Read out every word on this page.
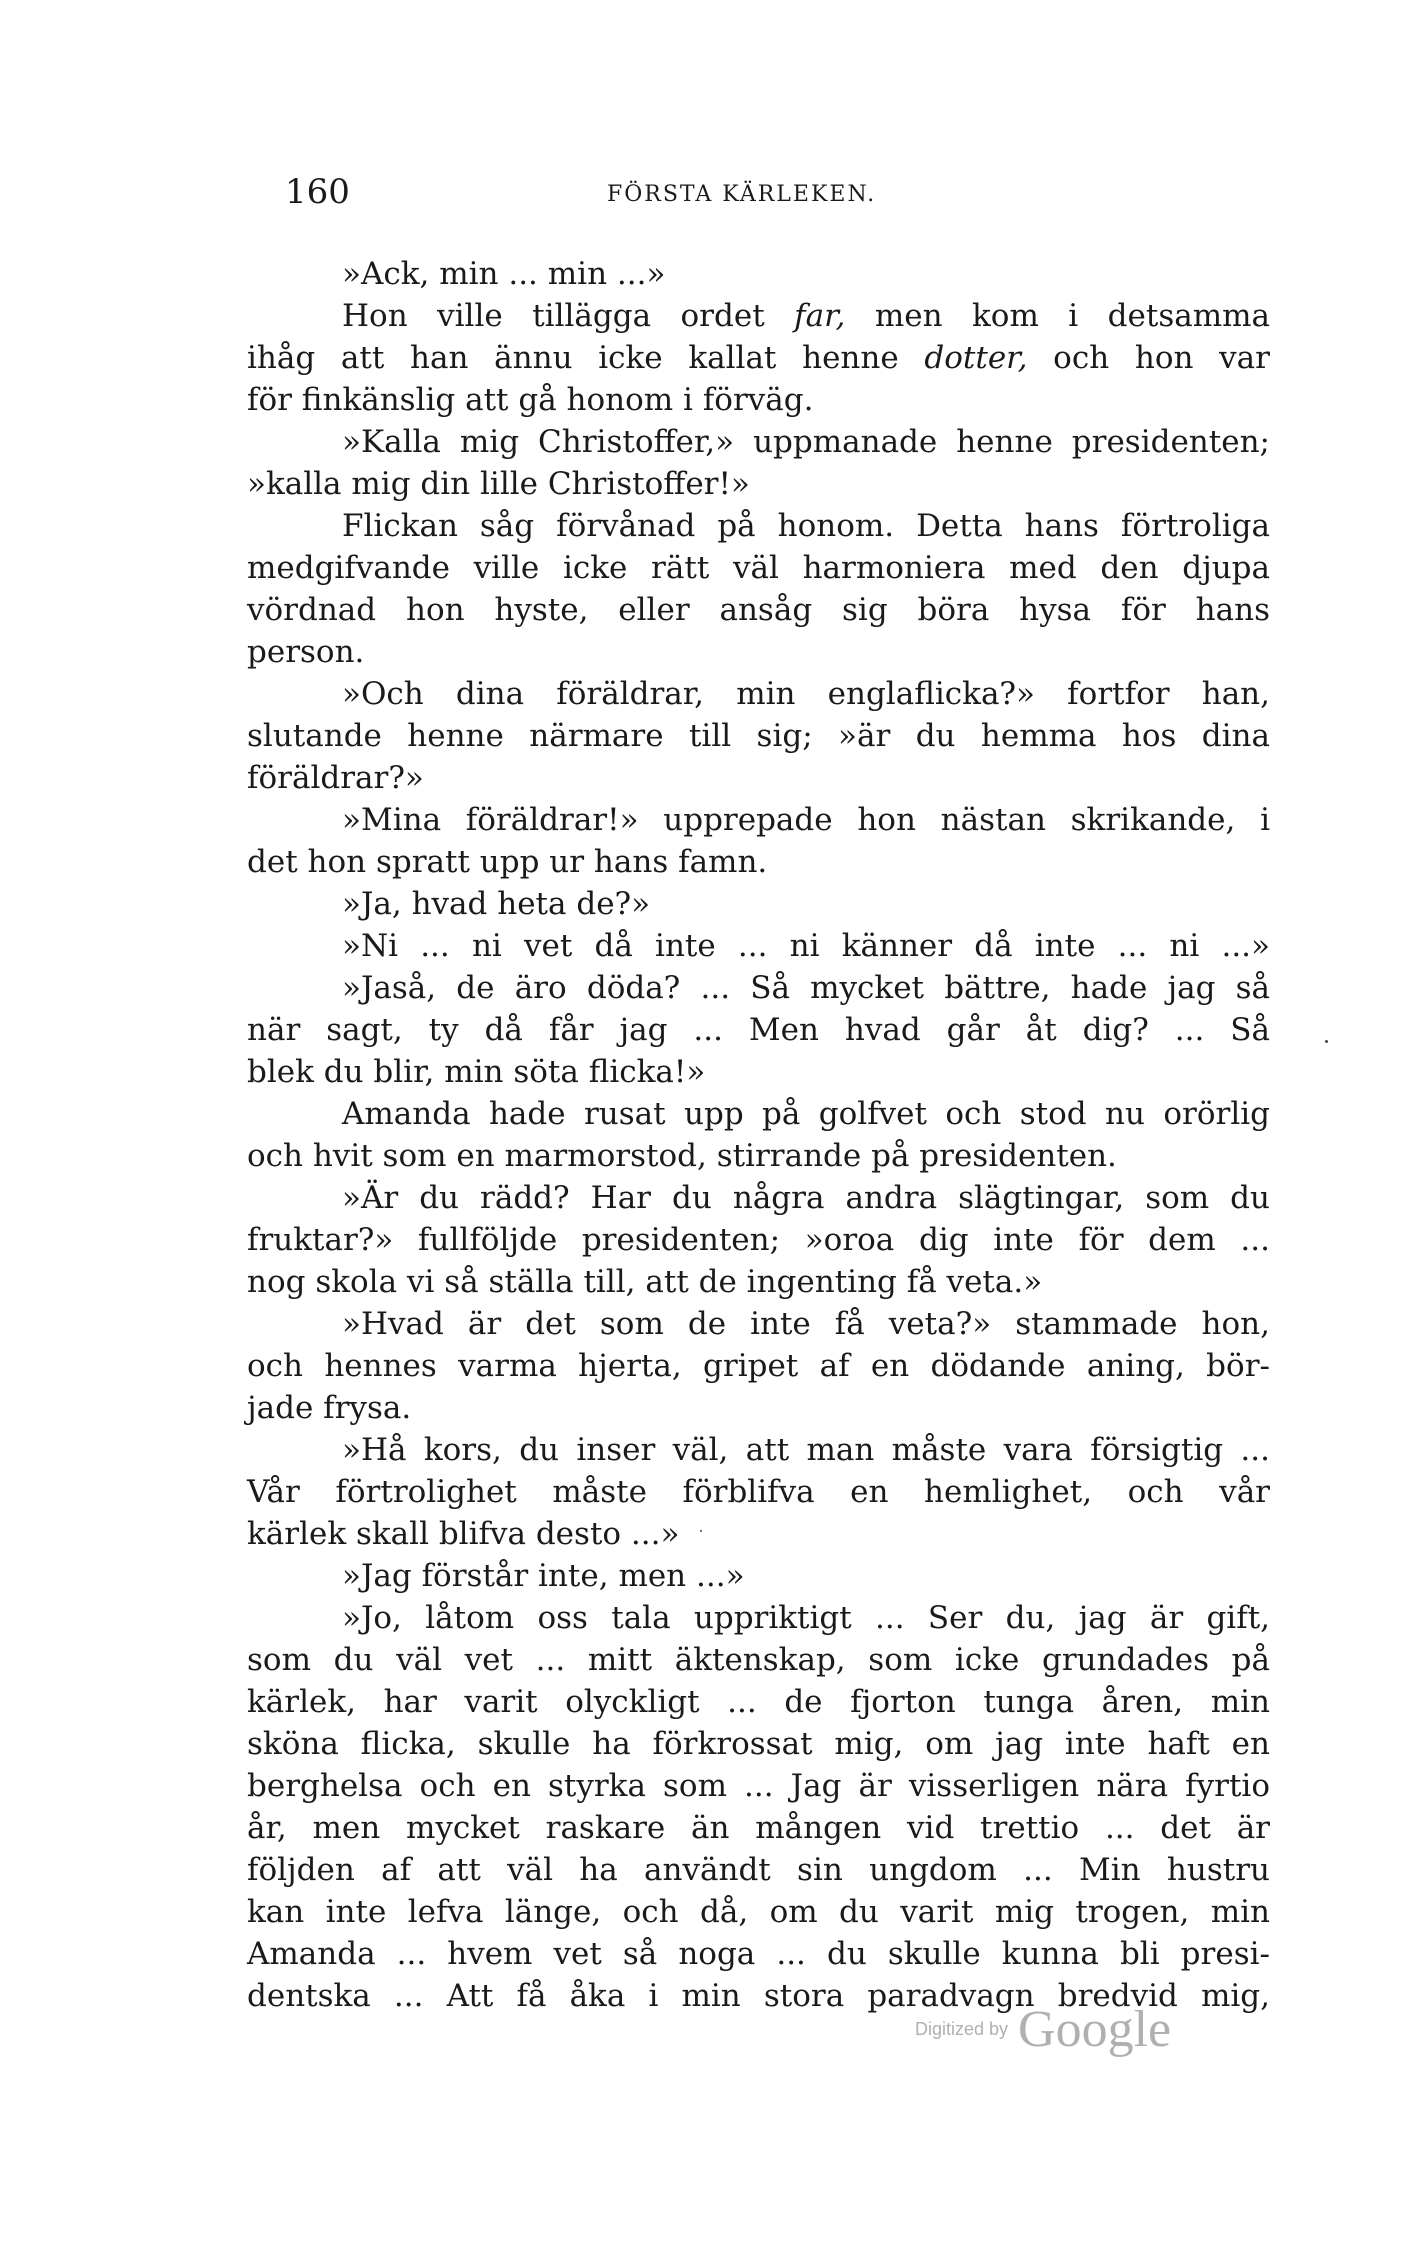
160	FÖRSTA KÄRLEKEN.
»Ack, min ... min ...»
Hon ville tillägga ordet far, men kom i detsamma
ihåg att han ännu icke kallat henne dotter, och hon var
för finkänslig att gå honom i förväg.
»Kalla mig Christoffer,» uppmanade henne presidenten;
»kalla mig din lille Christoffer!»
Flickan såg förvånad på honom. Detta hans förtroliga
medgifvande ville icke rätt väl harmoniera med den djupa
vördnad hon hyste, eller ansåg sig böra hysa för hans
person.
»Och dina föräldrar, min englaflicka?» fortfor han,
slutande henne närmare till sig; »är du hemma hos dina
föräldrar?»
»Mina föräldrar!» upprepade hon nästan skrikande, i
det hon spratt upp ur hans famn.
»Ja, hvad heta de?»
»Ni ... ni vet då inte ... ni känner då inte ... ni ...»
»Jaså, de äro döda? ... Så mycket bättre, hade jag så
när sagt, ty då får jag ... Men hvad går åt dig? ... Så
blek du blir, min söta flicka!»
Amanda hade rusat upp på golfvet och stod nu orörlig
och hvit som en marmorstod, stirrande på presidenten.
»Är du rädd? Har du några andra slägtingar, som du
fruktar?» fullföljde presidenten; »oroa dig inte för dem ...
nog skola vi så ställa till, att de ingenting få veta.»
»Hvad är det som de inte få veta?» stammade hon,
och hennes varma hjerta, gripet af en dödande aning, bör-
jade frysa.
»Hå kors, du inser väl, att man måste vara försigtig ...
Vår förtrolighet måste förblifva en hemlighet, och vår
kärlek skall blifva desto ...»
»Jag förstår inte, men ...»
»Jo, låtom oss tala uppriktigt ... Ser du, jag är gift,
som du väl vet ... mitt äktenskap, som icke grundades på
kärlek, har varit olyckligt ... de fjorton tunga åren, min
sköna flicka, skulle ha förkrossat mig, om jag inte haft en
berghelsa och en styrka som ... Jag är visserligen nära fyrtio
år, men mycket raskare än mången vid trettio ... det är
följden af att väl ha användt sin ungdom ... Min hustru
kan inte lefva länge, och då, om du varit mig trogen, min
Amanda ... hvem vet så noga ... du skulle kunna bli presi-
dentska ... Att få åka i min stora paradvagn bredvid mig,
Digitized by Google
